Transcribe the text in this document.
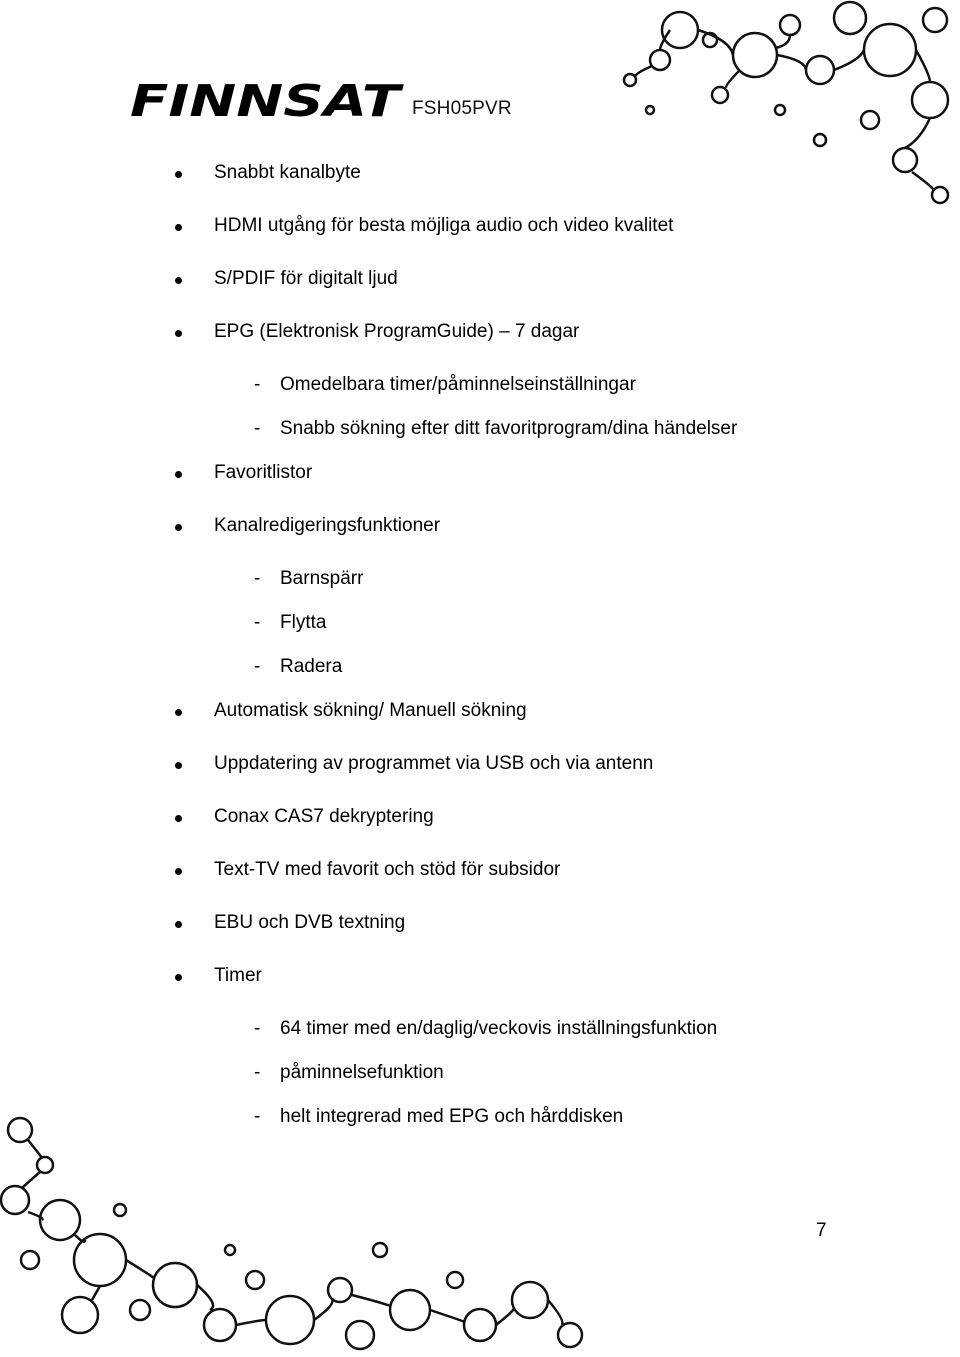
FINNSAT FSH05PVR
Snabbt kanalbyte
HDMI utgång för besta möjliga audio och video kvalitet
S/PDIF för digitalt ljud
EPG (Elektronisk ProgramGuide) – 7 dagar
- Omedelbara timer/påminnelseinställningar
- Snabb sökning efter ditt favoritprogram/dina händelser
Favoritlistor
Kanalredigeringsfunktioner
- Barnspärr
- Flytta
- Radera
Automatisk sökning/ Manuell sökning
Uppdatering av programmet via USB och via antenn
Conax CAS7 dekryptering
Text-TV med favorit och stöd för subsidor
EBU och DVB textning
Timer
- 64 timer med en/daglig/veckovis inställningsfunktion
- påminnelsefunktion
- helt integrerad med EPG och hårddisken
7
